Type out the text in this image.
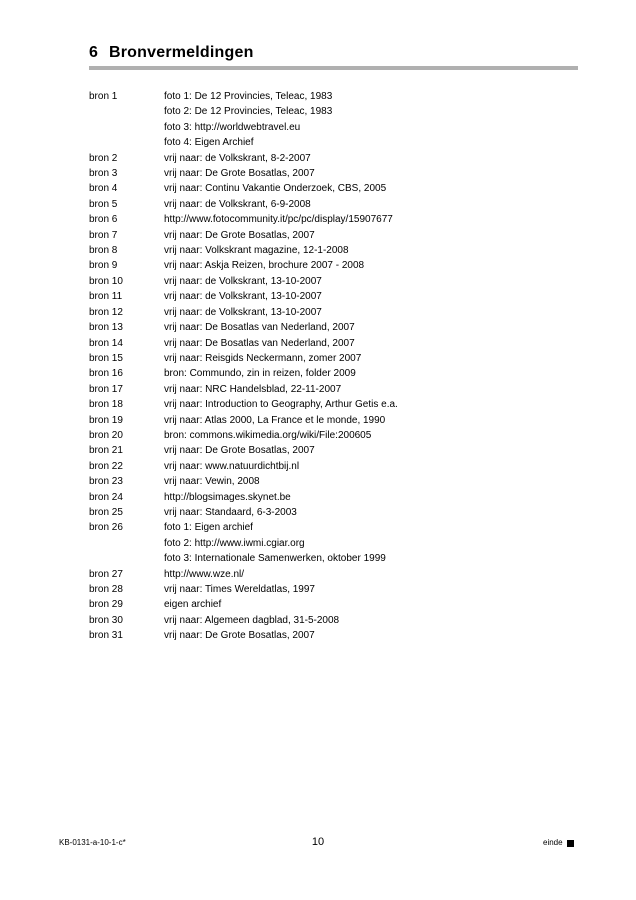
6 Bronvermeldingen
bron 1	foto 1: De 12 Provincies, Teleac, 1983
foto 2: De 12 Provincies, Teleac, 1983
foto 3: http://worldwebtravel.eu
foto 4: Eigen Archief
bron 2	vrij naar: de Volkskrant, 8-2-2007
bron 3	vrij naar: De Grote Bosatlas, 2007
bron 4	vrij naar: Continu Vakantie Onderzoek, CBS, 2005
bron 5	vrij naar: de Volkskrant, 6-9-2008
bron 6	http://www.fotocommunity.it/pc/pc/display/15907677
bron 7	vrij naar: De Grote Bosatlas, 2007
bron 8	vrij naar: Volkskrant magazine, 12-1-2008
bron 9	vrij naar: Askja Reizen, brochure 2007 - 2008
bron 10	vrij naar: de Volkskrant, 13-10-2007
bron 11	vrij naar: de Volkskrant, 13-10-2007
bron 12	vrij naar: de Volkskrant, 13-10-2007
bron 13	vrij naar: De Bosatlas van Nederland, 2007
bron 14	vrij naar: De Bosatlas van Nederland, 2007
bron 15	vrij naar: Reisgids Neckermann, zomer 2007
bron 16	bron: Commundo, zin in reizen, folder 2009
bron 17	vrij naar: NRC Handelsblad, 22-11-2007
bron 18	vrij naar: Introduction to Geography, Arthur Getis e.a.
bron 19	vrij naar: Atlas 2000, La France et le monde, 1990
bron 20	bron: commons.wikimedia.org/wiki/File:200605
bron 21	vrij naar: De Grote Bosatlas, 2007
bron 22	vrij naar: www.natuurdichtbij.nl
bron 23	vrij naar: Vewin, 2008
bron 24	http://blogsimages.skynet.be
bron 25	vrij naar: Standaard, 6-3-2003
bron 26	foto 1: Eigen archief
foto 2: http://www.iwmi.cgiar.org
foto 3: Internationale Samenwerken, oktober 1999
bron 27	http://www.wze.nl/
bron 28	vrij naar: Times Wereldatlas, 1997
bron 29	eigen archief
bron 30	vrij naar: Algemeen dagblad, 31-5-2008
bron 31	vrij naar: De Grote Bosatlas, 2007
KB-0131-a-10-1-c*	10	einde
